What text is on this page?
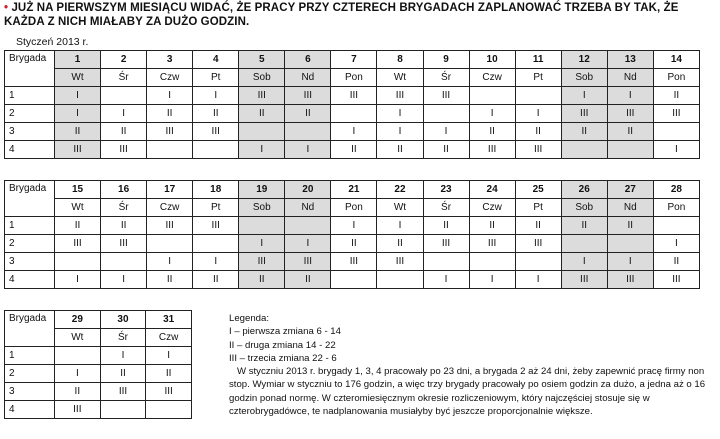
• JUŻ NA PIERWSZYM MIESIĄCU WIDAĆ, ŻE PRACY PRZY CZTERECH BRYGADACH ZAPLANOWAĆ TRZEBA BY TAK, ŻE KAŻDA Z NICH MIAŁABY ZA DUŻO GODZIN.
Styczeń 2013 r.
Brygada	1	2	3	4	5	6	7	8	9	10	11	12	13	14
	Wt	Śr	Czw	Pt	Sob	Nd	Pon	Wt	Śr	Czw	Pt	Sob	Nd	Pon
1	I		I	I	III	III	III	III	III			I	I	II
2	I	I	II	II	II	II		I		I	I	III	III	III
3	II	II	III	III			I	I	I	II	II	II	II	
4	III	III			I	I	II	II	II	III	III			I
Brygada	15	16	17	18	19	20	21	22	23	24	25	26	27	28
	Wt	Śr	Czw	Pt	Sob	Nd	Pon	Wt	Śr	Czw	Pt	Sob	Nd	Pon
1	II	II	III	III			I	I	II	II	II	II	II	
2	III	III			I	I	II	II	III	III	III			I
3			I	I	III	III	III	III				I	I	II
4	I	I	II	II	II	II			I	I	I	III	III	III
Brygada	29	30	31
	Wt	Śr	Czw
1		I	I
2	I	II	II
3	II	III	III
4	III		

Legenda:

I – pierwsza zmiana 6 - 14

II – druga zmiana 14 - 22

III – trzecia zmiana 22 - 6

W styczniu 2013 r. brygady 1, 3, 4 pracowały po 23 dni, a brygada 2 aż 24 dni, żeby zapewnić pracę firmy non stop. Wymiar w styczniu to 176 godzin, a więc trzy brygady pracowały po osiem godzin za dużo, a jedna aż o 16 godzin ponad normę. W czteromiesięcznym okresie rozliczeniowym, który najczęściej stosuje się w czterobrygadówce, te nadplanowania musiałyby być jeszcze proporcjonalnie większe.
